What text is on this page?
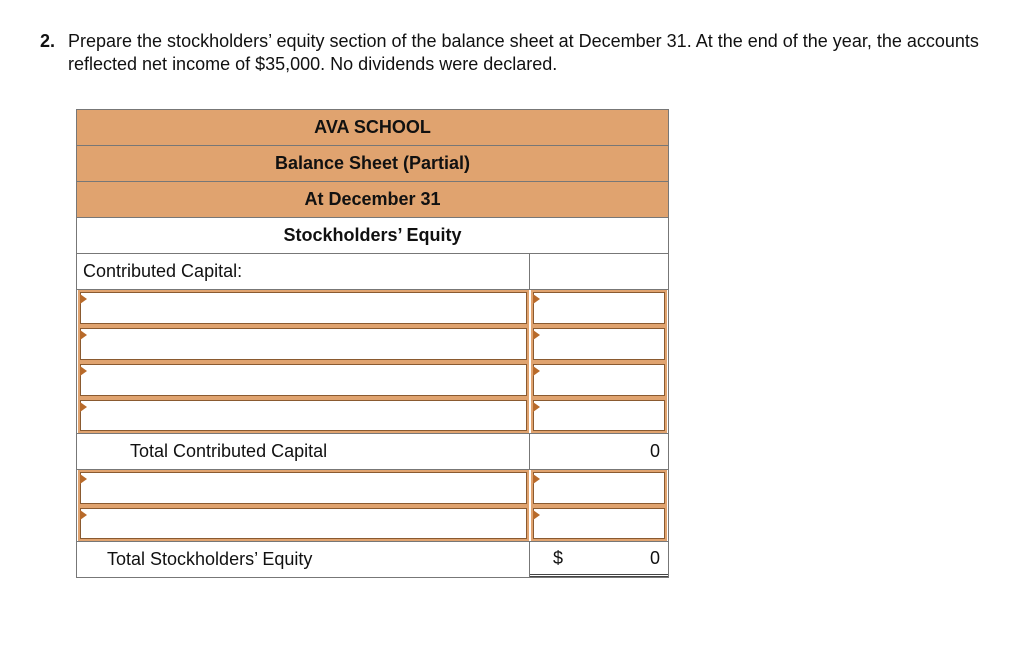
2. Prepare the stockholders’ equity section of the balance sheet at December 31. At the end of the year, the accounts reflected net income of $35,000. No dividends were declared.
AVA SCHOOL
Balance Sheet (Partial)
At December 31
Stockholders’ Equity
Contributed Capital:
Total Contributed Capital	0
Total Stockholders’ Equity	$	0
